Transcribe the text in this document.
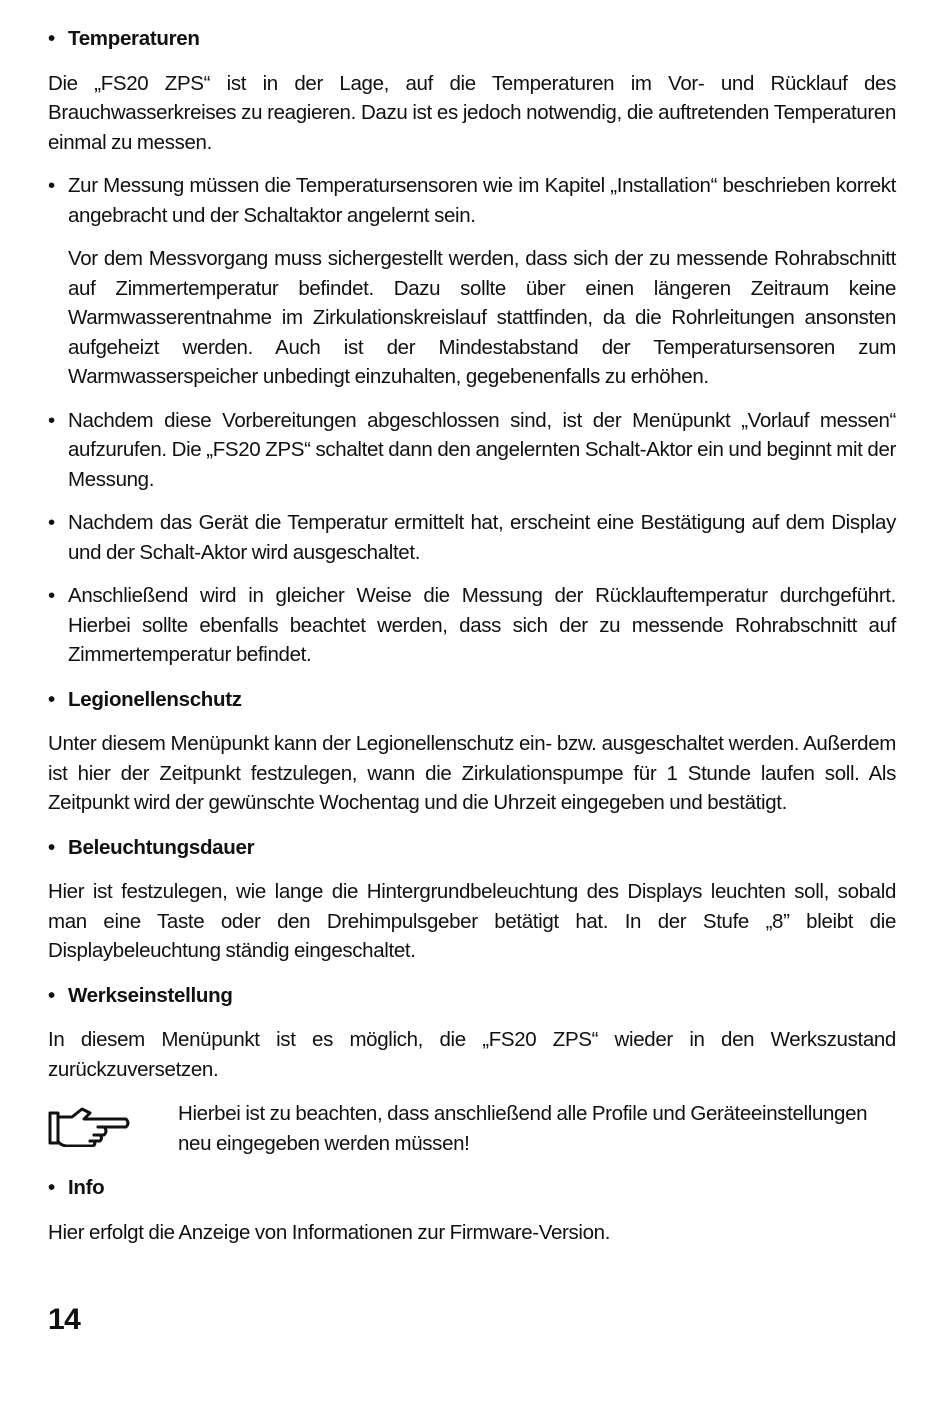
• Temperaturen

Die „FS20 ZPS“ ist in der Lage, auf die Temperaturen im Vor- und Rücklauf des Brauchwasserkreises zu reagieren. Dazu ist es jedoch notwendig, die auftretenden Temperaturen einmal zu messen.

• Zur Messung müssen die Temperatursensoren wie im Kapitel „Installation“ beschrieben korrekt angebracht und der Schaltaktor angelernt sein.

Vor dem Messvorgang muss sichergestellt werden, dass sich der zu messende Rohrabschnitt auf Zimmertemperatur befindet. Dazu sollte über einen längeren Zeitraum keine Warmwasserentnahme im Zirkulationskreislauf stattfinden, da die Rohrleitungen ansonsten aufgeheizt werden. Auch ist der Mindestabstand der Temperatursensoren zum Warmwasserspeicher unbedingt einzuhalten, gegebenenfalls zu erhöhen.

• Nachdem diese Vorbereitungen abgeschlossen sind, ist der Menüpunkt „Vorlauf messen“ aufzurufen. Die „FS20 ZPS“ schaltet dann den angelernten Schalt-Aktor ein und beginnt mit der Messung.

• Nachdem das Gerät die Temperatur ermittelt hat, erscheint eine Bestätigung auf dem Display und der Schalt-Aktor wird ausgeschaltet.

• Anschließend wird in gleicher Weise die Messung der Rücklauftemperatur durchgeführt. Hierbei sollte ebenfalls beachtet werden, dass sich der zu messende Rohrabschnitt auf Zimmertemperatur befindet.

• Legionellenschutz

Unter diesem Menüpunkt kann der Legionellenschutz ein- bzw. ausgeschaltet werden. Außerdem ist hier der Zeitpunkt festzulegen, wann die Zirkulationspumpe für 1 Stunde laufen soll. Als Zeitpunkt wird der gewünschte Wochentag und die Uhrzeit eingegeben und bestätigt.

• Beleuchtungsdauer

Hier ist festzulegen, wie lange die Hintergrundbeleuchtung des Displays leuchten soll, sobald man eine Taste oder den Drehimpulsgeber betätigt hat. In der Stufe „8” bleibt die Displaybeleuchtung ständig eingeschaltet.

• Werkseinstellung

In diesem Menüpunkt ist es möglich, die „FS20 ZPS“ wieder in den Werkszustand zurückzuversetzen.

Hierbei ist zu beachten, dass anschließend alle Profile und Geräteeinstellungen neu eingegeben werden müssen!

• Info

Hier erfolgt die Anzeige von Informationen zur Firmware-Version.

14
